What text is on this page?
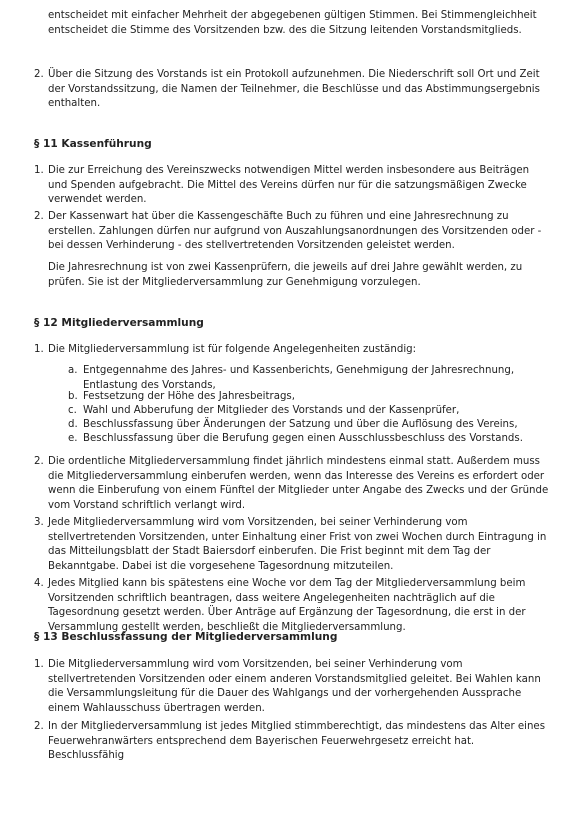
entscheidet mit einfacher Mehrheit der abgegebenen gültigen Stimmen. Bei Stimmengleichheit entscheidet die Stimme des Vorsitzenden bzw. des die Sitzung leitenden Vorstandsmitglieds.

2. Über die Sitzung des Vorstands ist ein Protokoll aufzunehmen. Die Niederschrift soll Ort und Zeit der Vorstandssitzung, die Namen der Teilnehmer, die Beschlüsse und das Abstimmungsergebnis enthalten.

§ 11 Kassenführung
1. Die zur Erreichung des Vereinszwecks notwendigen Mittel werden insbesondere aus Beiträgen und Spenden aufgebracht. Die Mittel des Vereins dürfen nur für die satzungsmäßigen Zwecke verwendet werden.

2. Der Kassenwart hat über die Kassengeschäfte Buch zu führen und eine Jahresrechnung zu erstellen. Zahlungen dürfen nur aufgrund von Auszahlungsanordnungen des Vorsitzenden oder - bei dessen Verhinderung - des stellvertretenden Vorsitzenden geleistet werden.

Die Jahresrechnung ist von zwei Kassenprüfern, die jeweils auf drei Jahre gewählt werden, zu prüfen. Sie ist der Mitgliederversammlung zur Genehmigung vorzulegen.

§ 12 Mitgliederversammlung
1. Die Mitgliederversammlung ist für folgende Angelegenheiten zuständig:

a. Entgegennahme des Jahres- und Kassenberichts, Genehmigung der Jahresrechnung, Entlastung des Vorstands,

b. Festsetzung der Höhe des Jahresbeitrags,

c. Wahl und Abberufung der Mitglieder des Vorstands und der Kassenprüfer,

d. Beschlussfassung über Änderungen der Satzung und über die Auflösung des Vereins,

e. Beschlussfassung über die Berufung gegen einen Ausschlussbeschluss des Vorstands.

2. Die ordentliche Mitgliederversammlung findet jährlich mindestens einmal statt. Außerdem muss die Mitgliederversammlung einberufen werden, wenn das Interesse des Vereins es erfordert oder wenn die Einberufung von einem Fünftel der Mitglieder unter Angabe des Zwecks und der Gründe vom Vorstand schriftlich verlangt wird.

3. Jede Mitgliederversammlung wird vom Vorsitzenden, bei seiner Verhinderung vom stellvertretenden Vorsitzenden, unter Einhaltung einer Frist von zwei Wochen durch Eintragung in das Mitteilungsblatt der Stadt Baiersdorf einberufen. Die Frist beginnt mit dem Tag der Bekanntgabe. Dabei ist die vorgesehene Tagesordnung mitzuteilen.

4. Jedes Mitglied kann bis spätestens eine Woche vor dem Tag der Mitgliederversammlung beim Vorsitzenden schriftlich beantragen, dass weitere Angelegenheiten nachträglich auf die Tagesordnung gesetzt werden. Über Anträge auf Ergänzung der Tagesordnung, die erst in der Versammlung gestellt werden, beschließt die Mitgliederversammlung.

§ 13 Beschlussfassung der Mitgliederversammlung
1. Die Mitgliederversammlung wird vom Vorsitzenden, bei seiner Verhinderung vom stellvertretenden Vorsitzenden oder einem anderen Vorstandsmitglied geleitet. Bei Wahlen kann die Versammlungsleitung für die Dauer des Wahlgangs und der vorhergehenden Aussprache einem Wahlausschuss übertragen werden.

2. In der Mitgliederversammlung ist jedes Mitglied stimmberechtigt, das mindestens das Alter eines Feuerwehranwärters entsprechend dem Bayerischen Feuerwehrgesetz erreicht hat. Beschlussfähig
